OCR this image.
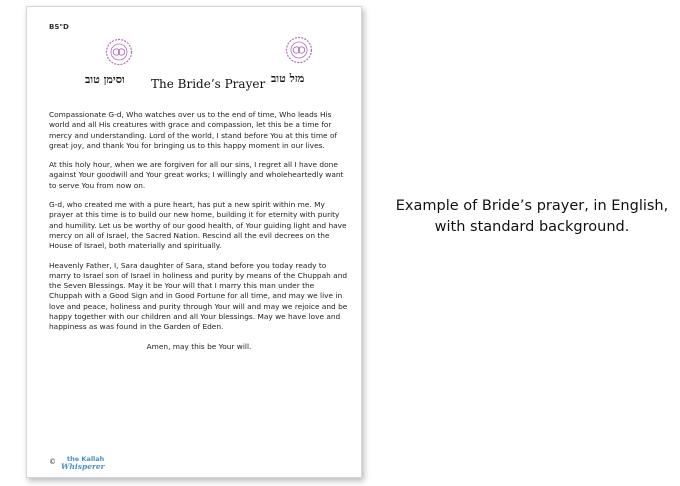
BS"D
וסימן טוב	מזל טוב
The Bride’s Prayer

Compassionate G-d, Who watches over us to the end of time, Who leads His world and all His creatures with grace and compassion, let this be a time for mercy and understanding. Lord of the world, I stand before You at this time of great joy, and thank You for bringing us to this happy moment in our lives.

At this holy hour, when we are forgiven for all our sins, I regret all I have done against Your goodwill and Your great works; I willingly and wholeheartedly want to serve You from now on.

G-d, who created me with a pure heart, has put a new spirit within me. My prayer at this time is to build our new home, building it for eternity with purity and humility. Let us be worthy of our good health, of Your guiding light and have mercy on all of Israel, the Sacred Nation. Rescind all the evil decrees on the House of Israel, both materially and spiritually.

Heavenly Father, I, Sara daughter of Sara, stand before you today ready to marry to Israel son of Israel in holiness and purity by means of the Chuppah and the Seven Blessings. May it be Your will that I marry this man under the Chuppah with a Good Sign and in Good Fortune for all time, and may we live in love and peace, holiness and purity through Your will and may we rejoice and be happy together with our children and all Your blessings. May we have love and happiness as was found in the Garden of Eden.

Amen, may this be Your will.

© the Kallah
Whisperer
Example of Bride’s prayer, in English,
with standard background.
